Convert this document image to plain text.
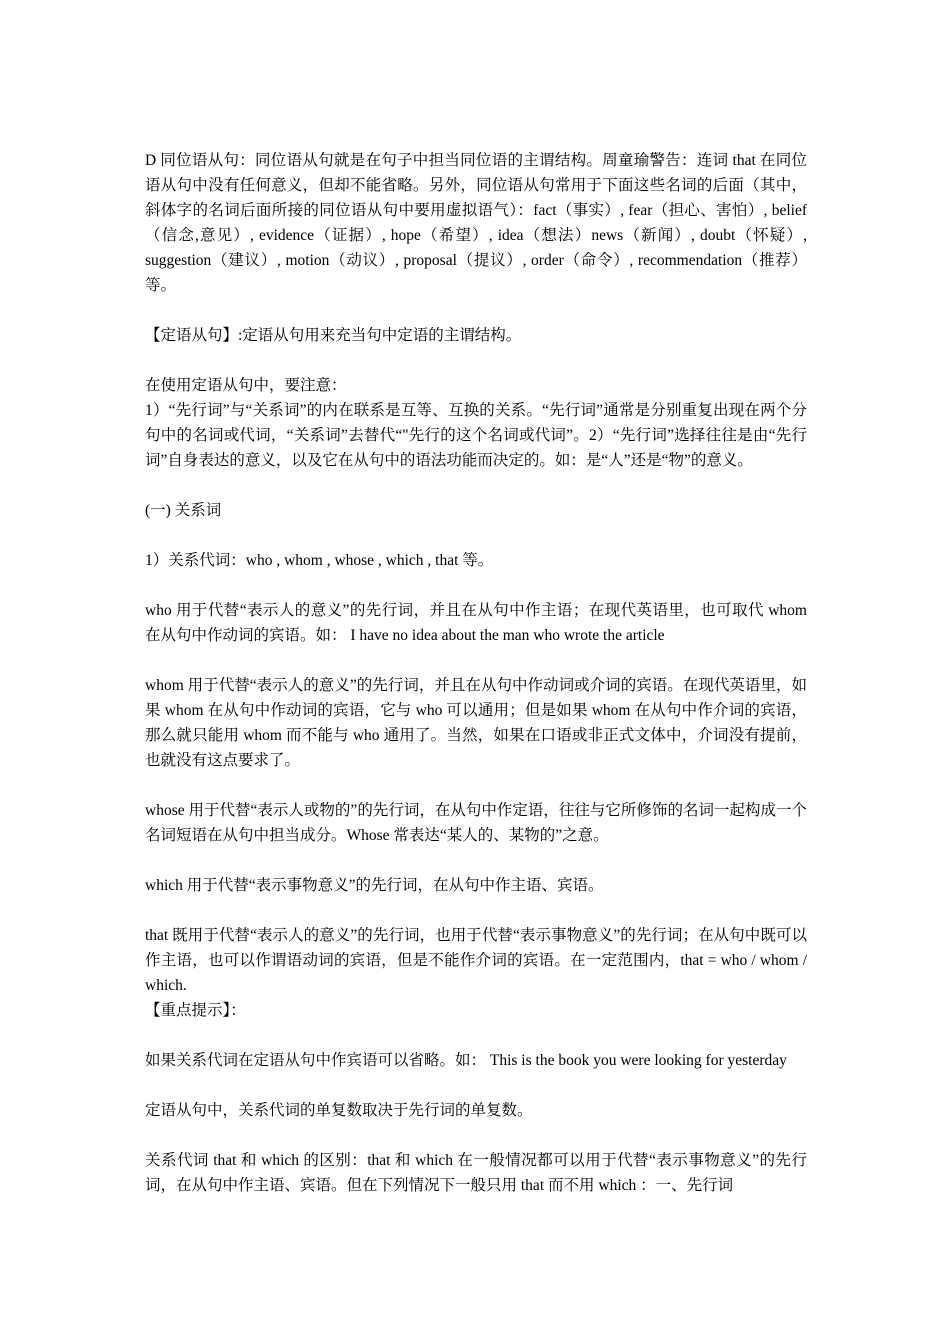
D 同位语从句：同位语从句就是在句子中担当同位语的主谓结构。周童瑜警告：连词 that 在同位语从句中没有任何意义，但却不能省略。另外，同位语从句常用于下面这些名词的后面（其中，斜体字的名词后面所接的同位语从句中要用虚拟语气）：fact（事实）, fear（担心、害怕）, belief（信念,意见）, evidence（证据）, hope（希望）, idea（想法）news（新闻）, doubt（怀疑）, suggestion（建议）, motion（动议）, proposal（提议）, order（命令）, recommendation（推荐）等。

【定语从句】:定语从句用来充当句中定语的主谓结构。

在使用定语从句中，要注意：

1）“先行词”与“关系词”的内在联系是互等、互换的关系。“先行词”通常是分别重复出现在两个分句中的名词或代词，“关系词”去替代“"先行的这个名词或代词”。2）“先行词”选择往往是由“先行词”自身表达的意义，以及它在从句中的语法功能而决定的。如：是“人”还是“物”的意义。

(一) 关系词

1）关系代词：who , whom , whose , which , that 等。

who 用于代替“表示人的意义”的先行词，并且在从句中作主语；在现代英语里，也可取代 whom 在从句中作动词的宾语。如： I have no idea about the man who wrote the article

whom 用于代替“表示人的意义”的先行词，并且在从句中作动词或介词的宾语。在现代英语里，如果 whom 在从句中作动词的宾语，它与 who 可以通用；但是如果 whom 在从句中作介词的宾语，那么就只能用 whom 而不能与 who 通用了。当然，如果在口语或非正式文体中，介词没有提前，也就没有这点要求了。

whose 用于代替“表示人或物的”的先行词，在从句中作定语，往往与它所修饰的名词一起构成一个名词短语在从句中担当成分。Whose 常表达“某人的、某物的”之意。

which 用于代替“表示事物意义”的先行词，在从句中作主语、宾语。

that 既用于代替“表示人的意义”的先行词，也用于代替“表示事物意义”的先行词；在从句中既可以作主语，也可以作谓语动词的宾语，但是不能作介词的宾语。在一定范围内，that = who / whom / which.

【重点提示】：

如果关系代词在定语从句中作宾语可以省略。如： This is the book you were looking for yesterday

定语从句中，关系代词的单复数取决于先行词的单复数。

关系代词 that 和 which 的区别：that 和 which 在一般情况都可以用于代替“表示事物意义”的先行词，在从句中作主语、宾语。但在下列情况下一般只用 that 而不用 which ：一、先行词
